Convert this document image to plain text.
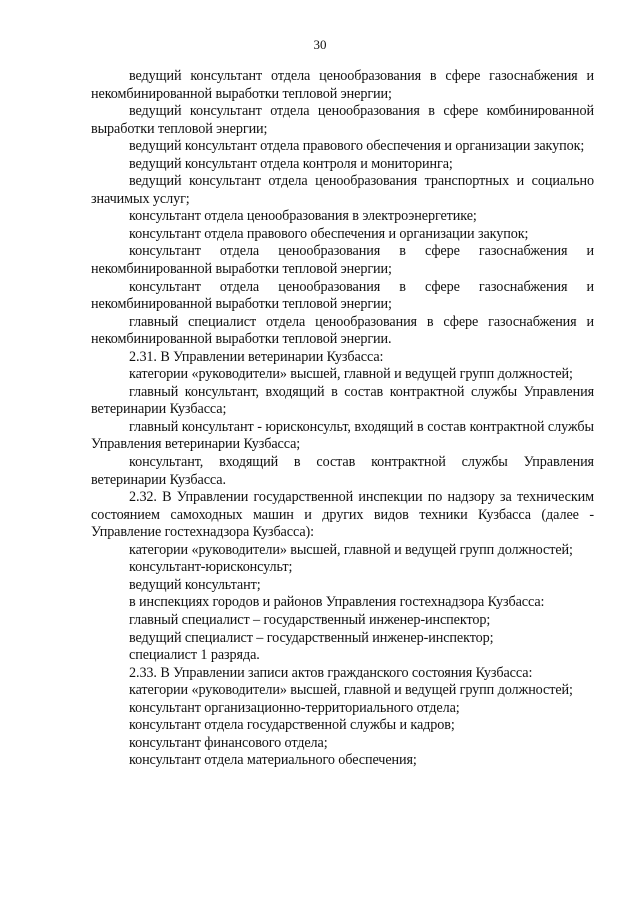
30

ведущий консультант отдела ценообразования в сфере газоснабжения и некомбинированной выработки тепловой энергии;

ведущий консультант отдела ценообразования в сфере комбинированной выработки тепловой энергии;

ведущий консультант отдела правового обеспечения и организации закупок;

ведущий консультант отдела контроля и мониторинга;

ведущий консультант отдела ценообразования транспортных и социально значимых услуг;

консультант отдела ценообразования в электроэнергетике;

консультант отдела правового обеспечения и организации закупок;

консультант отдела ценообразования в сфере газоснабжения и некомбинированной выработки тепловой энергии;

консультант отдела ценообразования в сфере газоснабжения и некомбинированной выработки тепловой энергии;

главный специалист отдела ценообразования в сфере газоснабжения и некомбинированной выработки тепловой энергии.

2.31. В Управлении ветеринарии Кузбасса:

категории «руководители» высшей, главной и ведущей групп должностей;

главный консультант, входящий в состав контрактной службы Управления ветеринарии Кузбасса;

главный консультант - юрисконсульт, входящий в состав контрактной службы Управления ветеринарии Кузбасса;

консультант, входящий в состав контрактной службы Управления ветеринарии Кузбасса.

2.32. В Управлении государственной инспекции по надзору за техническим состоянием самоходных машин и других видов техники Кузбасса (далее - Управление гостехнадзора Кузбасса):

категории «руководители» высшей, главной и ведущей групп должностей;

консультант-юрисконсульт;

ведущий консультант;

в инспекциях городов и районов Управления гостехнадзора Кузбасса:

главный специалист – государственный инженер-инспектор;

ведущий специалист – государственный инженер-инспектор;

специалист 1 разряда.

2.33. В Управлении записи актов гражданского состояния Кузбасса:

категории «руководители» высшей, главной и ведущей групп должностей;

консультант организационно-территориального отдела;

консультант отдела государственной службы и кадров;

консультант финансового отдела;

консультант отдела материального обеспечения;
